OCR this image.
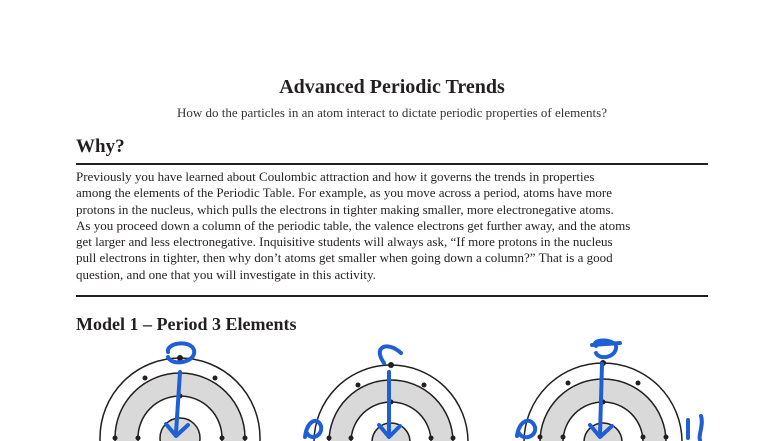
Advanced Periodic Trends
How do the particles in an atom interact to dictate periodic properties of elements?
Why?
Previously you have learned about Coulombic attraction and how it governs the trends in properties
among the elements of the Periodic Table. For example, as you move across a period, atoms have more
protons in the nucleus, which pulls the electrons in tighter making smaller, more electronegative atoms.
As you proceed down a column of the periodic table, the valence electrons get further away, and the atoms
get larger and less electronegative. Inquisitive students will always ask, “If more protons in the nucleus
pull electrons in tighter, then why don’t atoms get smaller when going down a column?” That is a good
question, and one that you will investigate in this activity.
Model 1 – Period 3 Elements
